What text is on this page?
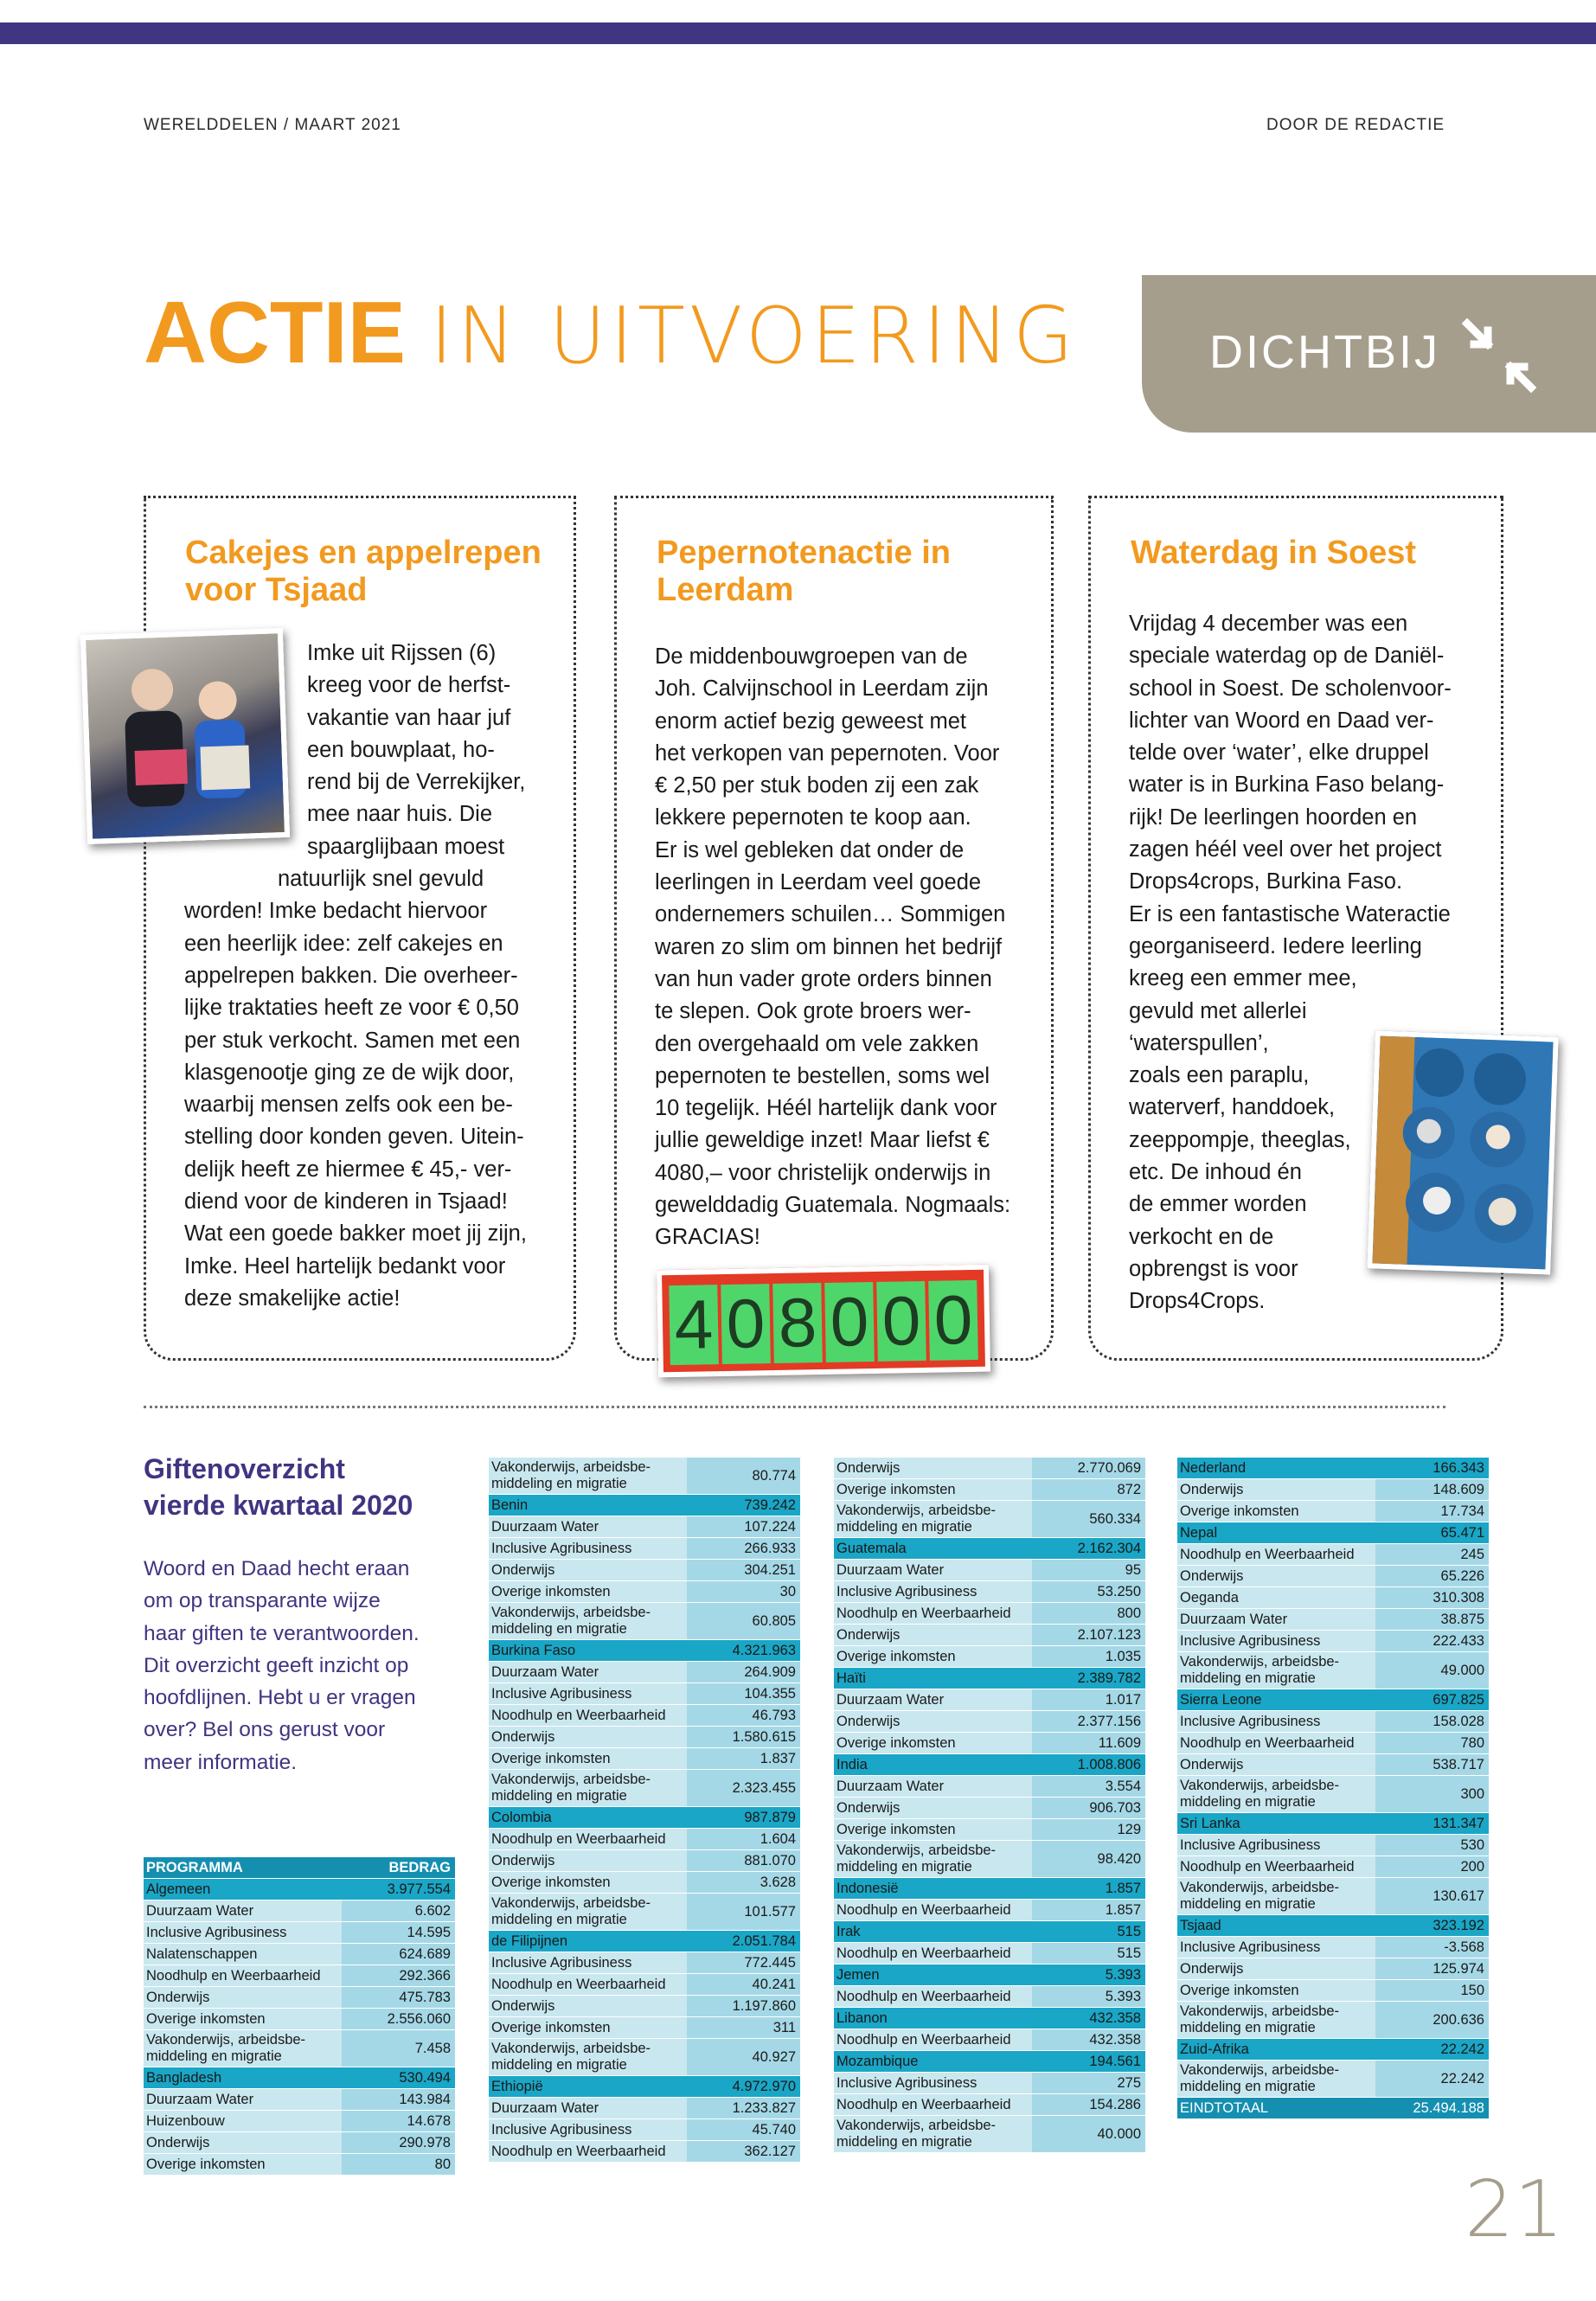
WERELDDELEN / MAART 2021	DOOR DE REDACTIE
ACTIE IN UITVOERING	DICHTBIJ
Cakejes en appelrepen
voor Tsjaad
Imke uit Rijssen (6)
kreeg voor de herfst-
vakantie van haar juf
een bouwplaat, ho-
rend bij de Verrekijker,
mee naar huis. Die
spaarglijbaan moest
natuurlijk snel gevuld
worden! Imke bedacht hiervoor
een heerlijk idee: zelf cakejes en
appelrepen bakken. Die overheer-
lijke traktaties heeft ze voor € 0,50
per stuk verkocht. Samen met een
klasgenootje ging ze de wijk door,
waarbij mensen zelfs ook een be-
stelling door konden geven. Uitein-
delijk heeft ze hiermee € 45,- ver-
diend voor de kinderen in Tsjaad!
Wat een goede bakker moet jij zijn,
Imke. Heel hartelijk bedankt voor
deze smakelijke actie!
Pepernotenactie in
Leerdam
De middenbouwgroepen van de
Joh. Calvijnschool in Leerdam zijn
enorm actief bezig geweest met
het verkopen van pepernoten. Voor
€ 2,50 per stuk boden zij een zak
lekkere pepernoten te koop aan.
Er is wel gebleken dat onder de
leerlingen in Leerdam veel goede
ondernemers schuilen… Sommigen
waren zo slim om binnen het bedrijf
van hun vader grote orders binnen
te slepen. Ook grote broers wer-
den overgehaald om vele zakken
pepernoten te bestellen, soms wel
10 tegelijk. Héél hartelijk dank voor
jullie geweldige inzet! Maar liefst €
4080,– voor christelijk onderwijs in
gewelddadig Guatemala. Nogmaals:
GRACIAS!
4 0 8 0 0 0
Waterdag in Soest
Vrijdag 4 december was een
speciale waterdag op de Daniël-
school in Soest. De scholenvoor-
lichter van Woord en Daad ver-
telde over ‘water’, elke druppel
water is in Burkina Faso belang-
rijk! De leerlingen hoorden en
zagen héél veel over het project
Drops4crops, Burkina Faso.
Er is een fantastische Wateractie
georganiseerd. Iedere leerling
kreeg een emmer mee,
gevuld met allerlei
‘waterspullen’,
zoals een paraplu,
waterverf, handdoek,
zeeppompje, theeglas,
etc. De inhoud én
de emmer worden
verkocht en de
opbrengst is voor
Drops4Crops.
Giftenoverzicht
vierde kwartaal 2020
Woord en Daad hecht eraan
om op transparante wijze
haar giften te verantwoorden.
Dit overzicht geeft inzicht op
hoofdlijnen. Hebt u er vragen
over? Bel ons gerust voor
meer informatie.
PROGRAMMA	BEDRAG
Algemeen	3.977.554
Duurzaam Water	6.602
Inclusive Agribusiness	14.595
Nalatenschappen	624.689
Noodhulp en Weerbaarheid	292.366
Onderwijs	475.783
Overige inkomsten	2.556.060
Vakonderwijs, arbeidsbe-
middeling en migratie	7.458
Bangladesh	530.494
Duurzaam Water	143.984
Huizenbouw	14.678
Onderwijs	290.978
Overige inkomsten	80
Vakonderwijs, arbeidsbe-
middeling en migratie	80.774
Benin	739.242
Duurzaam Water	107.224
Inclusive Agribusiness	266.933
Onderwijs	304.251
Overige inkomsten	30
Vakonderwijs, arbeidsbe-
middeling en migratie	60.805
Burkina Faso	4.321.963
Duurzaam Water	264.909
Inclusive Agribusiness	104.355
Noodhulp en Weerbaarheid	46.793
Onderwijs	1.580.615
Overige inkomsten	1.837
Vakonderwijs, arbeidsbe-
middeling en migratie	2.323.455
Colombia	987.879
Noodhulp en Weerbaarheid	1.604
Onderwijs	881.070
Overige inkomsten	3.628
Vakonderwijs, arbeidsbe-
middeling en migratie	101.577
de Filipijnen	2.051.784
Inclusive Agribusiness	772.445
Noodhulp en Weerbaarheid	40.241
Onderwijs	1.197.860
Overige inkomsten	311
Vakonderwijs, arbeidsbe-
middeling en migratie	40.927
Ethiopië	4.972.970
Duurzaam Water	1.233.827
Inclusive Agribusiness	45.740
Noodhulp en Weerbaarheid	362.127
Onderwijs	2.770.069
Overige inkomsten	872
Vakonderwijs, arbeidsbe-
middeling en migratie	560.334
Guatemala	2.162.304
Duurzaam Water	95
Inclusive Agribusiness	53.250
Noodhulp en Weerbaarheid	800
Onderwijs	2.107.123
Overige inkomsten	1.035
Haïti	2.389.782
Duurzaam Water	1.017
Onderwijs	2.377.156
Overige inkomsten	11.609
India	1.008.806
Duurzaam Water	3.554
Onderwijs	906.703
Overige inkomsten	129
Vakonderwijs, arbeidsbe-
middeling en migratie	98.420
Indonesië	1.857
Noodhulp en Weerbaarheid	1.857
Irak	515
Noodhulp en Weerbaarheid	515
Jemen	5.393
Noodhulp en Weerbaarheid	5.393
Libanon	432.358
Noodhulp en Weerbaarheid	432.358
Mozambique	194.561
Inclusive Agribusiness	275
Noodhulp en Weerbaarheid	154.286
Vakonderwijs, arbeidsbe-
middeling en migratie	40.000
Nederland	166.343
Onderwijs	148.609
Overige inkomsten	17.734
Nepal	65.471
Noodhulp en Weerbaarheid	245
Onderwijs	65.226
Oeganda	310.308
Duurzaam Water	38.875
Inclusive Agribusiness	222.433
Vakonderwijs, arbeidsbe-
middeling en migratie	49.000
Sierra Leone	697.825
Inclusive Agribusiness	158.028
Noodhulp en Weerbaarheid	780
Onderwijs	538.717
Vakonderwijs, arbeidsbe-
middeling en migratie	300
Sri Lanka	131.347
Inclusive Agribusiness	530
Noodhulp en Weerbaarheid	200
Vakonderwijs, arbeidsbe-
middeling en migratie	130.617
Tsjaad	323.192
Inclusive Agribusiness	-3.568
Onderwijs	125.974
Overige inkomsten	150
Vakonderwijs, arbeidsbe-
middeling en migratie	200.636
Zuid-Afrika	22.242
Vakonderwijs, arbeidsbe-
middeling en migratie	22.242
EINDTOTAAL	25.494.188
21
